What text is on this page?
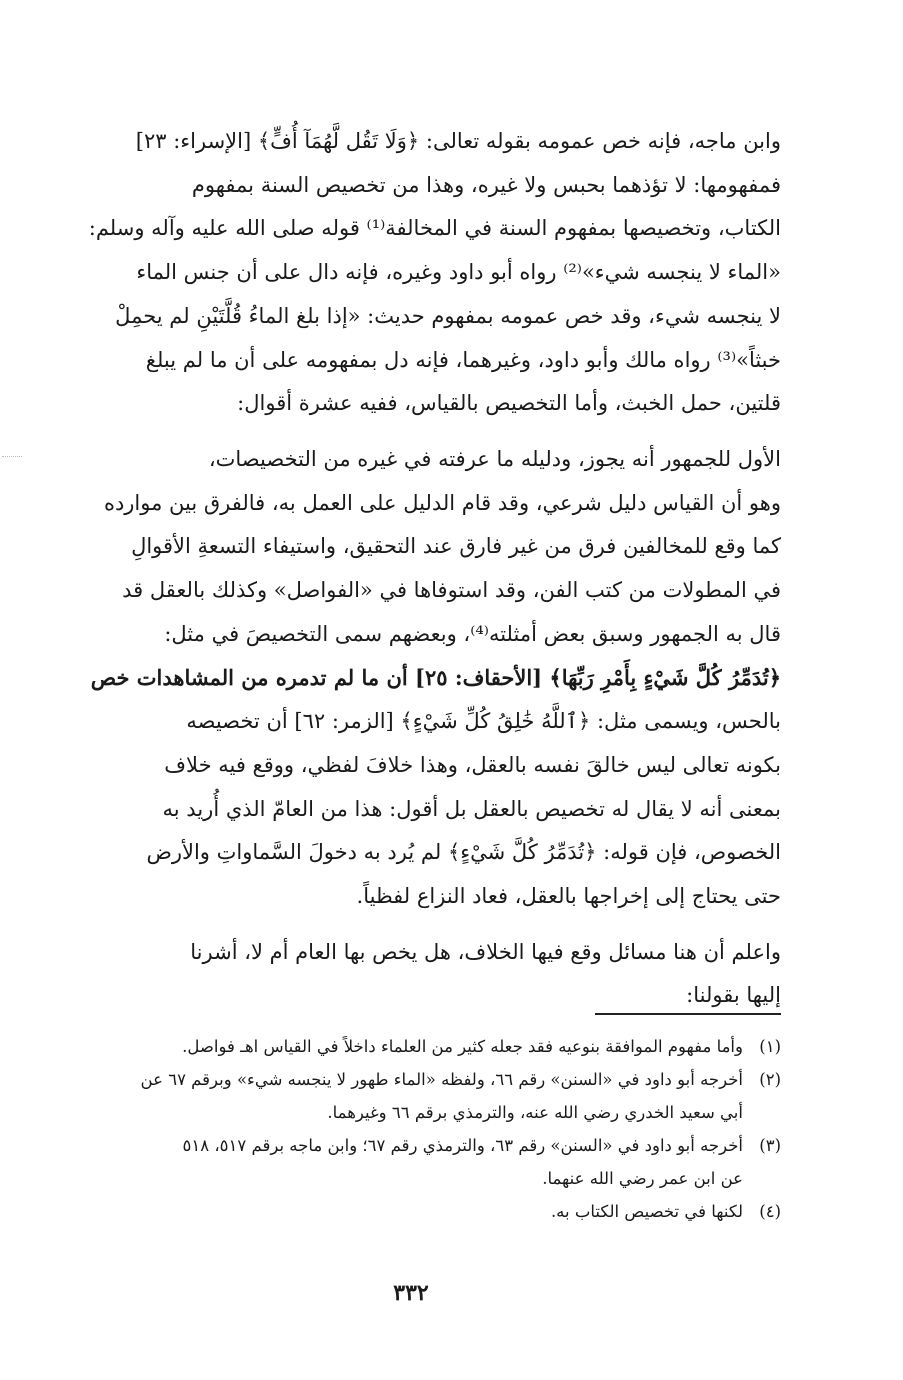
وابن ماجه، فإنه خص عمومه بقوله تعالى: ﴿وَلَا تَقُل لَّهُمَآ أُفٍّ﴾ [الإسراء: ٢٣]
فمفهومها: لا تؤذهما بحبس ولا غيره، وهذا من تخصيص السنة بمفهوم
الكتاب، وتخصيصها بمفهوم السنة في المخالفة⁽¹⁾ قوله صلى الله عليه وآله وسلم:
«الماء لا ينجسه شيء»⁽²⁾ رواه أبو داود وغيره، فإنه دال على أن جنس الماء
لا ينجسه شيء، وقد خص عمومه بمفهوم حديث: «إذا بلغ الماءُ قُلَّتَيْنِ لم يحمِلْ
خبثاً»⁽³⁾ رواه مالك وأبو داود، وغيرهما، فإنه دل بمفهومه على أن ما لم يبلغ
قلتين، حمل الخبث، وأما التخصيص بالقياس، ففيه عشرة أقوال:
الأول للجمهور أنه يجوز، ودليله ما عرفته في غيره من التخصيصات،
وهو أن القياس دليل شرعي، وقد قام الدليل على العمل به، فالفرق بين موارده
كما وقع للمخالفين فرق من غير فارق عند التحقيق، واستيفاء التسعةِ الأقوالِ
في المطولات من كتب الفن، وقد استوفاها في «الفواصل» وكذلك بالعقل قد
قال به الجمهور وسبق بعض أمثلته⁽⁴⁾، وبعضهم سمى التخصيصَ في مثل:
﴿تُدَمِّرُ كُلَّ شَيْءٍ بِأَمْرِ رَبِّهَا﴾ [الأحقاف: ٢٥] أن ما لم تدمره من المشاهدات خص
بالحس، ويسمى مثل: ﴿ٱللَّهُ خَٰلِقُ كُلِّ شَيْءٍ﴾ [الزمر: ٦٢] أن تخصيصه
بكونه تعالى ليس خالقَ نفسه بالعقل، وهذا خلافَ لفظي، ووقع فيه خلاف
بمعنى أنه لا يقال له تخصيص بالعقل بل أقول: هذا من العامّ الذي أُريد به
الخصوص، فإن قوله: ﴿تُدَمِّرُ كُلَّ شَيْءٍ﴾ لم يُرد به دخولَ السَّماواتِ والأرض
حتى يحتاج إلى إخراجها بالعقل، فعاد النزاع لفظياً.
واعلم أن هنا مسائل وقع فيها الخلاف، هل يخص بها العام أم لا، أشرنا
إليها بقولنا:
(١)وأما مفهوم الموافقة بنوعيه فقد جعله كثير من العلماء داخلاً في القياس اهـ فواصل.
(٢)أخرجه أبو داود في «السنن» رقم ٦٦، ولفظه «الماء طهور لا ينجسه شيء» وبرقم ٦٧ عن
أبي سعيد الخدري رضي الله عنه، والترمذي برقم ٦٦ وغيرهما.
(٣)أخرجه أبو داود في «السنن» رقم ٦٣، والترمذي رقم ٦٧؛ وابن ماجه برقم ٥١٧، ٥١٨
عن ابن عمر رضي الله عنهما.
(٤)لكنها في تخصيص الكتاب به.
٣٣٢
